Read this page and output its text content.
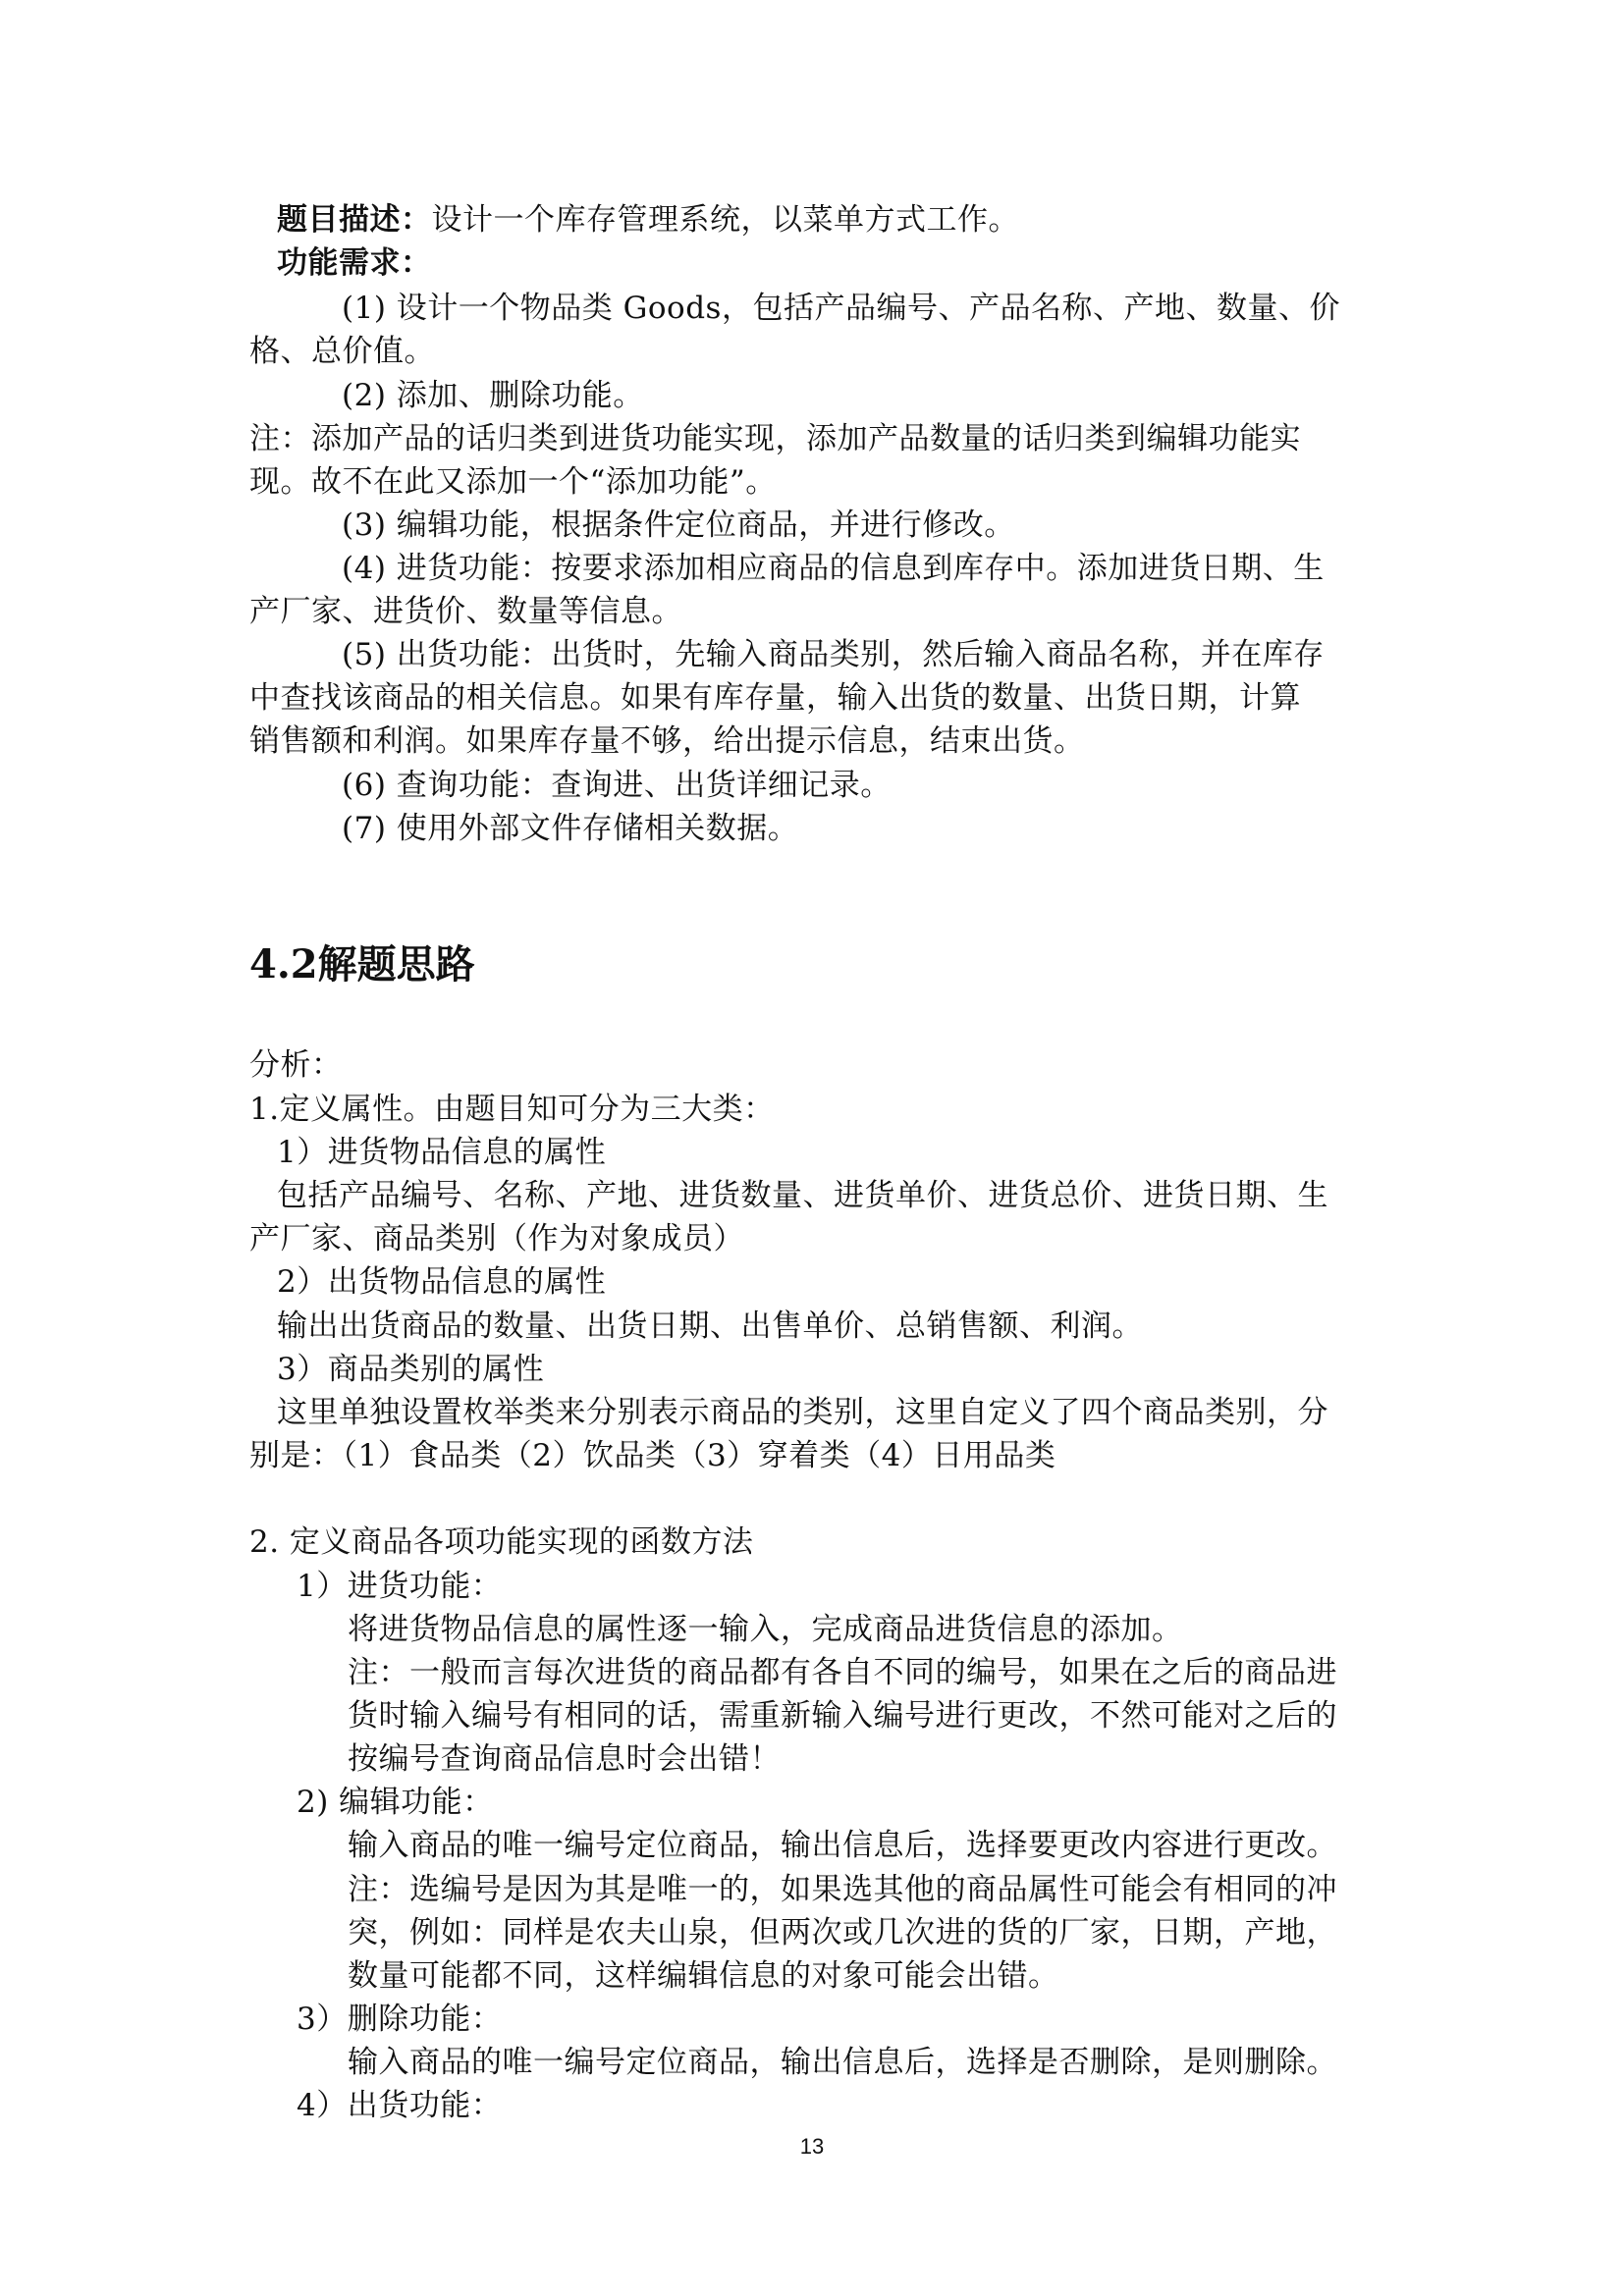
题目描述：设计一个库存管理系统，以菜单方式工作。
功能需求：
(1) 设计一个物品类 Goods，包括产品编号、产品名称、产地、数量、价
格、总价值。
(2) 添加、删除功能。
注：添加产品的话归类到进货功能实现，添加产品数量的话归类到编辑功能实
现。故不在此又添加一个“添加功能”。
(3) 编辑功能，根据条件定位商品，并进行修改。
(4) 进货功能：按要求添加相应商品的信息到库存中。添加进货日期、生
产厂家、进货价、数量等信息。
(5) 出货功能：出货时，先输入商品类别，然后输入商品名称，并在库存
中查找该商品的相关信息。如果有库存量，输入出货的数量、出货日期，计算
销售额和利润。如果库存量不够，给出提示信息，结束出货。
(6) 查询功能：查询进、出货详细记录。
(7) 使用外部文件存储相关数据。
4.2解题思路
分析：
1.定义属性。由题目知可分为三大类：
1）进货物品信息的属性
包括产品编号、名称、产地、进货数量、进货单价、进货总价、进货日期、生
产厂家、商品类别（作为对象成员）
2）出货物品信息的属性
输出出货商品的数量、出货日期、出售单价、总销售额、利润。
3）商品类别的属性
这里单独设置枚举类来分别表示商品的类别，这里自定义了四个商品类别，分
别是：（1）食品类（2）饮品类（3）穿着类（4）日用品类
2. 定义商品各项功能实现的函数方法
1）进货功能：
将进货物品信息的属性逐一输入，完成商品进货信息的添加。
注：一般而言每次进货的商品都有各自不同的编号，如果在之后的商品进
货时输入编号有相同的话，需重新输入编号进行更改，不然可能对之后的
按编号查询商品信息时会出错！
2) 编辑功能：
输入商品的唯一编号定位商品，输出信息后，选择要更改内容进行更改。
注：选编号是因为其是唯一的，如果选其他的商品属性可能会有相同的冲
突，例如：同样是农夫山泉，但两次或几次进的货的厂家，日期，产地，
数量可能都不同，这样编辑信息的对象可能会出错。
3）删除功能：
输入商品的唯一编号定位商品，输出信息后，选择是否删除，是则删除。
4）出货功能：
13
